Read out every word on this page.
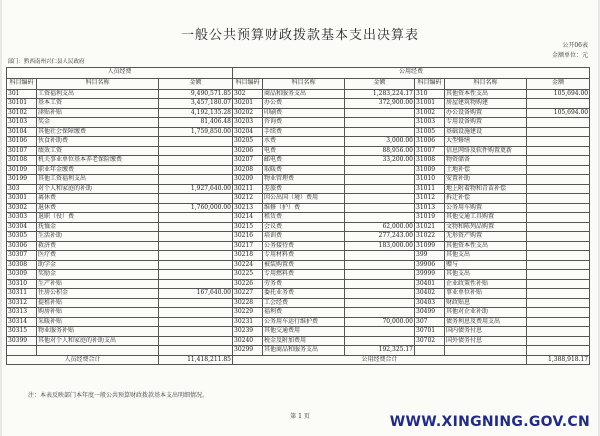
一般公共预算财政拨款基本支出决算表
公开06表
金额单位：元
部门：黔西南州兴仁县人民政府								
人员经费			公用经费					
科目编码	科目名称	金额	科目编码	科目名称	金额	科目编码	科目名称	金额
301	工资福利支出	9,490,571.85	302	商品和服务支出	1,283,224.17	310	其他资本性支出	105,694.00
30101	基本工资	3,457,180.07	30201	办公费	372,900.00	31001	房屋建筑物购建	
30102	津贴补贴	4,192,135.28	30202	印刷费		31002	办公设备购置	105,694.00
30103	奖金	81,406.48	30203	咨询费		31003	专用设备购置	
30104	其他社会保障缴费	1,759,850.00	30204	手续费		31005	基础设施建设	
30106	伙食补助费		30205	水费	3,000.00	31006	大型修缮	
30107	绩效工资		30206	电费	88,956.00	31007	信息网络及软件购置更新	
30108	机关事业单位基本养老保险缴费		30207	邮电费	33,200.00	31008	物资储备	
30109	职业年金缴费		30208	取暖费		31009	土地补偿	
30199	其他工资福利支出		30209	物业管理费		31010	安置补助	
303	对个人和家庭的补助	1,927,640.00	30211	差旅费		31011	地上附着物和青苗补偿	
30301	离休费		30212	因公出国（境）费用		31012	拆迁补偿	
30302	退休费	1,760,000.00	30213	维修（护）费		31013	公务用车购置	
30303	退职（役）费		30214	租赁费		31019	其他交通工具购置	
30304	抚恤金		30215	会议费	62,000.00	31021	文物和陈列品购置	
30305	生活补助		30216	培训费	277,243.00	31022	无形资产购置	
30306	救济费		30217	公务接待费	183,000.00	31099	其他资本性支出	
30307	医疗费		30218	专用材料费		399	其他支出	
30308	助学金		30224	被装购置费		39906	赠与	
30309	奖励金		30225	专用燃料费		39999	其他支出	
30310	生产补贴		30226	劳务费		30401	企业政策性补贴	
30311	住房公积金	167,640.00	30227	委托业务费		30402	事业单位补贴	
30312	提租补贴		30228	工会经费		30403	财政贴息	
30313	购房补贴		30229	福利费		30499	其他对企业补助	
30314	采暖补贴		30231	公务用车运行维护费	70,000.00	307	债务利息及费用支出	
30315	物业服务补贴		30239	其他交通费用		30701	国内债务付息	
30399	其他对个人和家庭的补助支出		30240	税金及附加费用		30702	国外债务付息	
			30299	其他商品和服务支出	192,325.17			
人员经费合计		11,418,211.85	公用经费合计					1,388,918.17
注：本表反映部门本年度一般公共预算财政拨款基本支出明细情况。
第 1 页	WWW.XINGNING.GOV.CN
